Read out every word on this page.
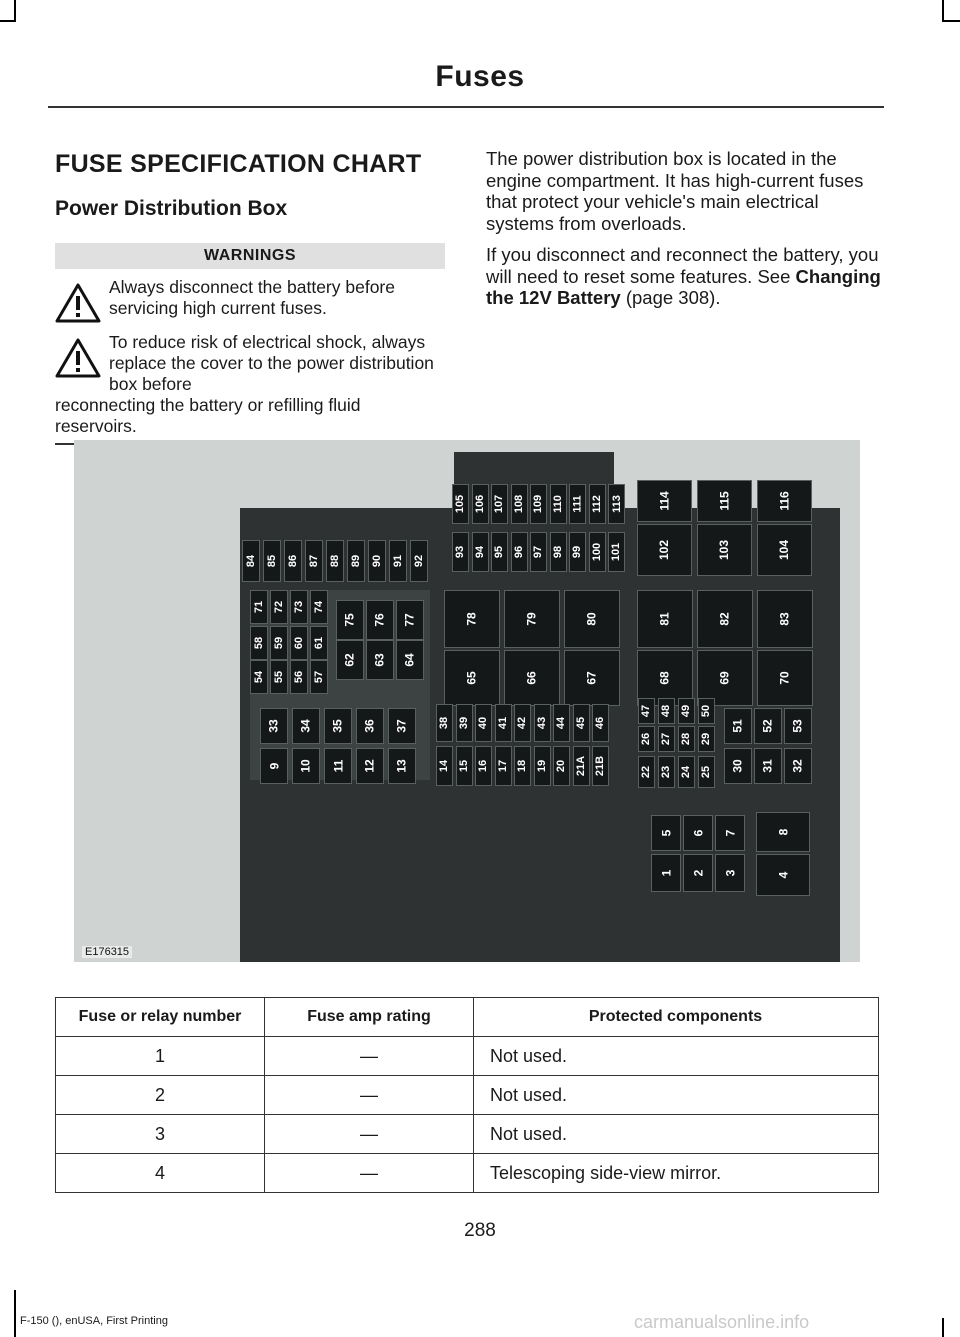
Fuses
FUSE SPECIFICATION CHART
Power Distribution Box
WARNINGS
Always disconnect the battery before servicing high current fuses.
To reduce risk of electrical shock, always replace the cover to the power distribution box before
reconnecting the battery or refilling fluid reservoirs.

The power distribution box is located in the engine compartment. It has high-current fuses that protect your vehicle's main electrical systems from overloads.

If you disconnect and reconnect the battery, you will need to reset some features. See Changing the 12V Battery (page 308).

84 85 86 87 88 89 90 91 92
93 94 95 96 97 98 99 100 101
105 106 107 108 109 110 111 112 113
102	103	104
114	115	116
71 72 73 74
58 59 60 61
54 55 56 57
75 76 77
62 63 64
78	79	80
65	66	67
81	82	83
68	69	70
33 34 35 36 37
9 10 11 12 13
38 39 40 41 42 43 44 45 46
14 15 16 17 18 19 20 21A 21B
47 48 49 50
26 27 28 29
22 23 24 25
51 52 53
30 31 32
5 6 7
1 2 3
8
4
E176315
Fuse or relay number	Fuse amp rating	Protected components
1	—	Not used.
2	—	Not used.
3	—	Not used.
4	—	Telescoping side-view mirror.
288
F-150 (), enUSA, First Printing	carmanualsonline.info
